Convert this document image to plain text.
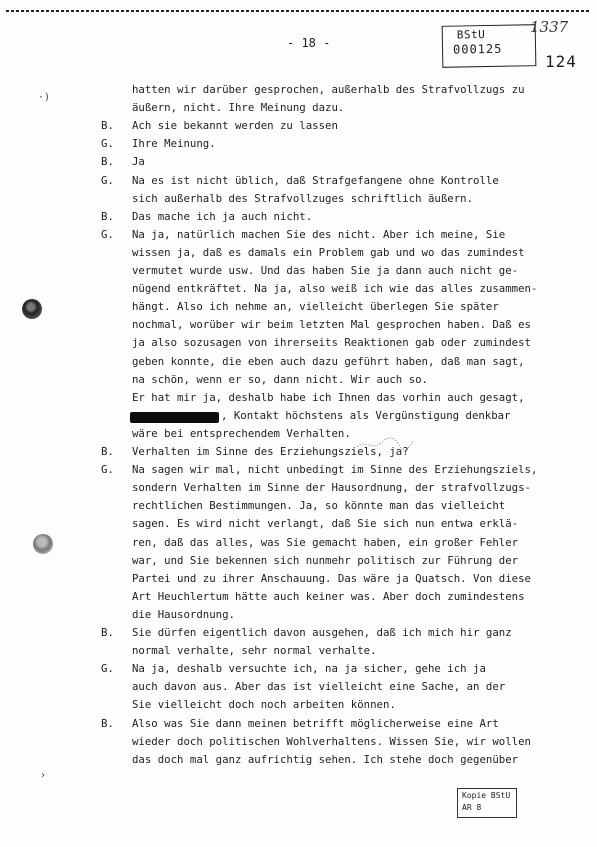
- 18 -
BStU
000125
1337
124
hatten wir darüber gesprochen, außerhalb des Strafvollzugs zu
äußern, nicht. Ihre Meinung dazu.
B. Ach sie bekannt werden zu lassen
G. Ihre Meinung.
B. Ja
G. Na es ist nicht üblich, daß Strafgefangene ohne Kontrolle
sich außerhalb des Strafvollzuges schriftlich äußern.
B. Das mache ich ja auch nicht.
G. Na ja, natürlich machen Sie des nicht. Aber ich meine, Sie
wissen ja, daß es damals ein Problem gab und wo das zumindest
vermutet wurde usw. Und das haben Sie ja dann auch nicht ge-
nügend entkräftet. Na ja, also weiß ich wie das alles zusammen-
hängt. Also ich nehme an, vielleicht überlegen Sie später
nochmal, worüber wir beim letzten Mal gesprochen haben. Daß es
ja also sozusagen von ihrerseits Reaktionen gab oder zumindest
geben konnte, die eben auch dazu geführt haben, daß man sagt,
na schön, wenn er so, dann nicht. Wir auch so.
Er hat mir ja, deshalb habe ich Ihnen das vorhin auch gesagt,
, Kontakt höchstens als Vergünstigung denkbar
wäre bei entsprechendem Verhalten.
B. Verhalten im Sinne des Erziehungsziels, ja?
G. Na sagen wir mal, nicht unbedingt im Sinne des Erziehungsziels,
sondern Verhalten im Sinne der Hausordnung, der strafvollzugs-
rechtlichen Bestimmungen. Ja, so könnte man das vielleicht
sagen. Es wird nicht verlangt, daß Sie sich nun entwa erklä-
ren, daß das alles, was Sie gemacht haben, ein großer Fehler
war, und Sie bekennen sich nunmehr politisch zur Führung der
Partei und zu ihrer Anschauung. Das wäre ja Quatsch. Von diese
Art Heuchlertum hätte auch keiner was. Aber doch zumindestens
die Hausordnung.
B. Sie dürfen eigentlich davon ausgehen, daß ich mich hir ganz
normal verhalte, sehr normal verhalte.
G. Na ja, deshalb versuchte ich, na ja sicher, gehe ich ja
auch davon aus. Aber das ist vielleicht eine Sache, an der
Sie vielleicht doch noch arbeiten können.
B. Also was Sie dann meinen betrifft möglicherweise eine Art
wieder doch politischen Wohlverhaltens. Wissen Sie, wir wollen
das doch mal ganz aufrichtig sehen. Ich stehe doch gegenüber
·)
›
Kopie BStU
AR 8
